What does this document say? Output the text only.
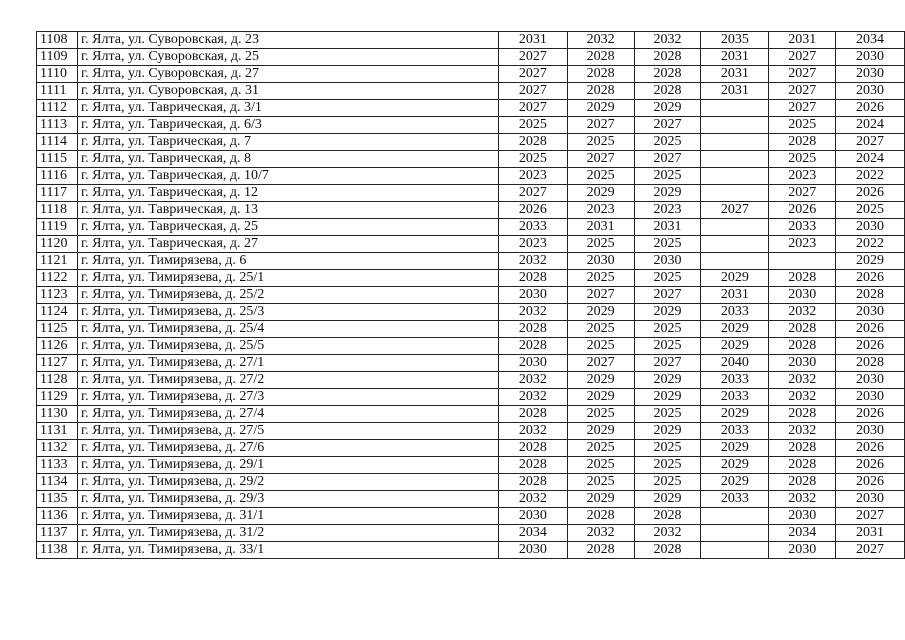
1108	г. Ялта, ул. Суворовская, д. 23	2031	2032	2032	2035	2031	2034
1109	г. Ялта, ул. Суворовская, д. 25	2027	2028	2028	2031	2027	2030
1110	г. Ялта, ул. Суворовская, д. 27	2027	2028	2028	2031	2027	2030
1111	г. Ялта, ул. Суворовская, д. 31	2027	2028	2028	2031	2027	2030
1112	г. Ялта, ул. Таврическая, д. 3/1	2027	2029	2029		2027	2026
1113	г. Ялта, ул. Таврическая, д. 6/3	2025	2027	2027		2025	2024
1114	г. Ялта, ул. Таврическая, д. 7	2028	2025	2025		2028	2027
1115	г. Ялта, ул. Таврическая, д. 8	2025	2027	2027		2025	2024
1116	г. Ялта, ул. Таврическая, д. 10/7	2023	2025	2025		2023	2022
1117	г. Ялта, ул. Таврическая, д. 12	2027	2029	2029		2027	2026
1118	г. Ялта, ул. Таврическая, д. 13	2026	2023	2023	2027	2026	2025
1119	г. Ялта, ул. Таврическая, д. 25	2033	2031	2031		2033	2030
1120	г. Ялта, ул. Таврическая, д. 27	2023	2025	2025		2023	2022
1121	г. Ялта, ул. Тимирязева, д. 6	2032	2030	2030			2029
1122	г. Ялта, ул. Тимирязева, д. 25/1	2028	2025	2025	2029	2028	2026
1123	г. Ялта, ул. Тимирязева, д. 25/2	2030	2027	2027	2031	2030	2028
1124	г. Ялта, ул. Тимирязева, д. 25/3	2032	2029	2029	2033	2032	2030
1125	г. Ялта, ул. Тимирязева, д. 25/4	2028	2025	2025	2029	2028	2026
1126	г. Ялта, ул. Тимирязева, д. 25/5	2028	2025	2025	2029	2028	2026
1127	г. Ялта, ул. Тимирязева, д. 27/1	2030	2027	2027	2040	2030	2028
1128	г. Ялта, ул. Тимирязева, д. 27/2	2032	2029	2029	2033	2032	2030
1129	г. Ялта, ул. Тимирязева, д. 27/3	2032	2029	2029	2033	2032	2030
1130	г. Ялта, ул. Тимирязева, д. 27/4	2028	2025	2025	2029	2028	2026
1131	г. Ялта, ул. Тимирязева, д. 27/5	2032	2029	2029	2033	2032	2030
1132	г. Ялта, ул. Тимирязева, д. 27/6	2028	2025	2025	2029	2028	2026
1133	г. Ялта, ул. Тимирязева, д. 29/1	2028	2025	2025	2029	2028	2026
1134	г. Ялта, ул. Тимирязева, д. 29/2	2028	2025	2025	2029	2028	2026
1135	г. Ялта, ул. Тимирязева, д. 29/3	2032	2029	2029	2033	2032	2030
1136	г. Ялта, ул. Тимирязева, д. 31/1	2030	2028	2028		2030	2027
1137	г. Ялта, ул. Тимирязева, д. 31/2	2034	2032	2032		2034	2031
1138	г. Ялта, ул. Тимирязева, д. 33/1	2030	2028	2028		2030	2027
